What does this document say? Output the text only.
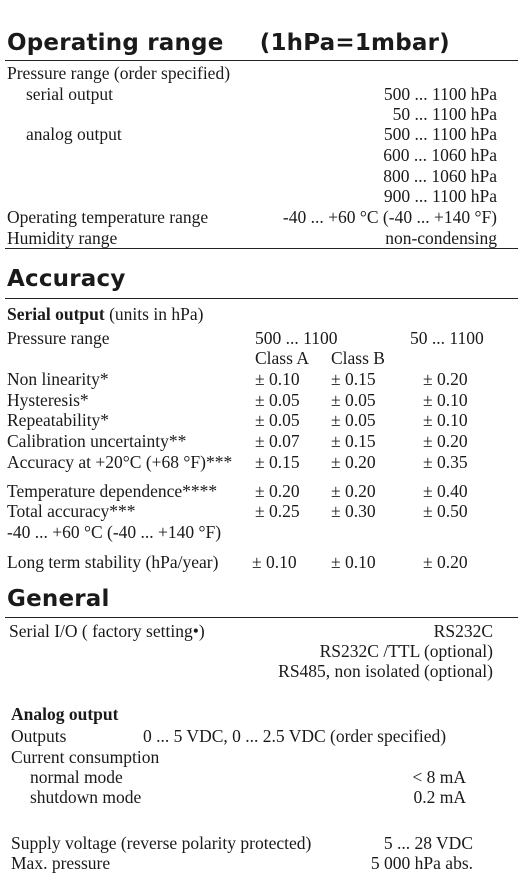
Operating range (1hPa=1mbar)
Pressure range (order specified)
serial output	500 ... 1100 hPa
50 ... 1100 hPa
analog output	500 ... 1100 hPa
600 ... 1060 hPa
800 ... 1060 hPa
900 ... 1100 hPa
Operating temperature range	-40 ... +60 °C (-40 ... +140 °F)
Humidity range	non-condensing
Accuracy
Serial output (units in hPa)
Pressure range	500 ... 1100	50 ... 1100
Class A Class B
Non linearity*	± 0.10 ± 0.15	± 0.20
Hysteresis*	± 0.05 ± 0.05	± 0.10
Repeatability*	± 0.05 ± 0.05	± 0.10
Calibration uncertainty**	± 0.07 ± 0.15	± 0.20
Accuracy at +20°C (+68 °F)*** ± 0.15 ± 0.20	± 0.35
Temperature dependence**** ± 0.20 ± 0.20	± 0.40
Total accuracy***	± 0.25 ± 0.30	± 0.50
-40 ... +60 °C (-40 ... +140 °F)
Long term stability (hPa/year) ± 0.10 ± 0.10	± 0.20
General
Serial I/O ( factory setting•)	RS232C
RS232C /TTL (optional)
RS485, non isolated (optional)
Analog output
Outputs	0 ... 5 VDC, 0 ... 2.5 VDC (order specified)
Current consumption
normal mode	< 8 mA
shutdown mode	0.2 mA
Supply voltage (reverse polarity protected)	5 ... 28 VDC
Max. pressure	5 000 hPa abs.
